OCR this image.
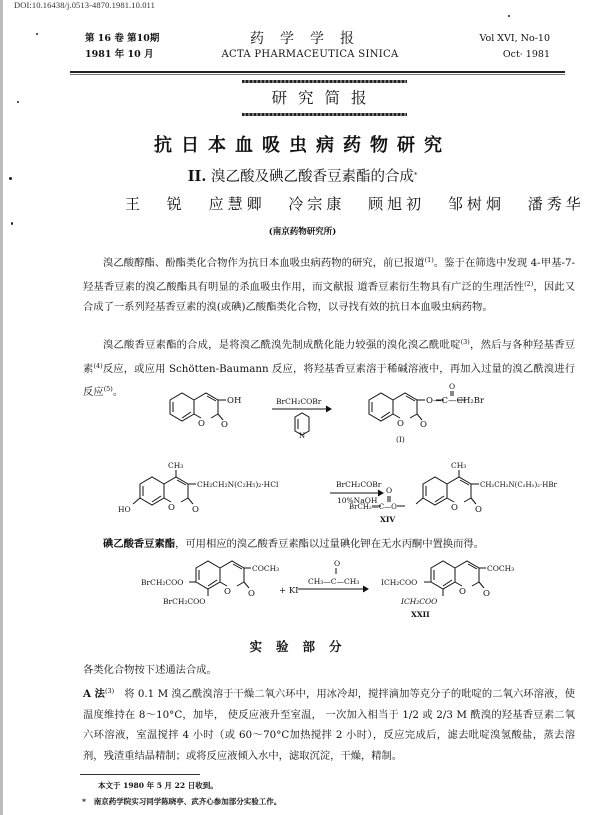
DOI:10.16438/j.0513-4870.1981.10.011
第 16 卷 第10期
1981 年 10 月
药学学报
ACTA PHARMACEUTICA SINICA
Vol XVI, No-10
Oct· 1981
研究简报
抗日本血吸虫病药物研究
II. 溴乙酸及碘乙酸香豆素酯的合成*
王 锐 应慧卿 冷宗康 顾旭初 邹树炯 潘秀华
(南京药物研究所)
溴乙酸醇酯、酚酯类化合物作为抗日本血吸虫病药物的研究，前已报道$^{(1)}$。鉴于在筛选中发现 4-甲基-7-羟基香豆素的溴乙酸酯具有明显的杀血吸虫作用，而文献报 道香豆素衍生物具有广泛的生理活性$^{(2)}$，因此又合成了一系列羟基香豆素的溴(或碘)乙酸酯类化合物，以寻找有效的抗日本血吸虫病药物。
溴乙酸香豆素酯的合成，是将溴乙酰溴先制成酰化能力较强的溴化溴乙酰吡啶$^{(3)}$，然后与各种羟基香豆素$^{(4)}$反应，或应用 Schötten-Baumann 反应，将羟基香豆素溶于稀碱溶液中，再加入过量的溴乙酰溴进行反应$^{(5)}$。
OH
O O
BrCH₂COBr
N
O
O—C—CH₂Br
O O
(I)
CH₃
CH₂CH₂N(C₂H₅)₂·HCl
HO	O O
BrCH₂COBr
10%NaOH
CH₃
CH₂CH₂N(C₂H₅)₂·HBr
O O
O
BrCH₂—C—O
XIV
COCH₃
BrCH₂COO
BrCH₂COO
O O	+ KI
O
CH₃—C—CH₃
COCH₃
ICH₂COO
ICH₂COO
O O
XXII
碘乙酸香豆素酯，可用相应的溴乙酸香豆素酯以过量碘化钾在无水丙酮中置换而得。
实验部分
各类化合物按下述通法合成。
A 法$^{(3)}$ 将 0.1 M 溴乙酰溴溶于干燥二氧六环中，用冰冷却，搅拌滴加等克分子的吡啶的二氧六环溶液，使温度维持在 8～10°C，加毕， 使反应液升至室温， 一次加入相当于 1/2 或 2/3 M 酰溴的羟基香豆素二氧六环溶液，室温搅拌 4 小时（或 60～70°C加热搅拌 2 小时），反应完成后，滤去吡啶溴氢酸盐，蒸去溶剂，残渣重结晶精制；或将反应液倾入水中，滤取沉淀，干燥，精制。
本文于 1980 年 5 月 22 日收到。
* 南京药学院实习同学陈晓亭、武齐心参加部分实验工作。
